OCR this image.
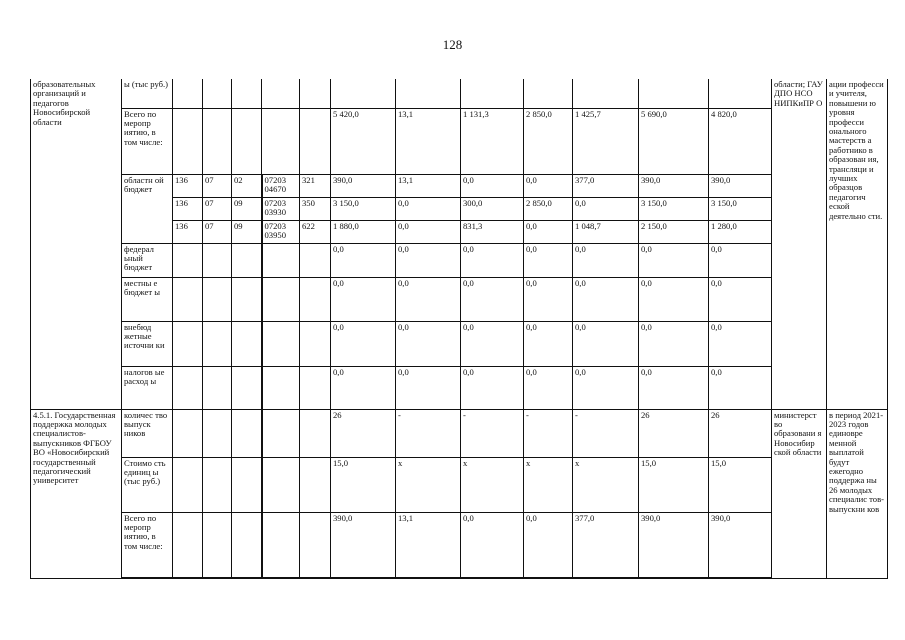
128
образовательных организаций и педагогов Новосибирской области	ы (тыс руб.)													области; ГАУ ДПО НСО НИПКиПР О	ации професси и учителя, повышени ю уровня професси онального мастерств а работнико в образован ия, трансляци и лучших образцов педагогич еской деятельно сти.
	Всего по меропр иятию, в том числе:						5 420,0	13,1	1 131,3	2 850,0	1 425,7	5 690,0	4 820,0		
	областн ой бюджет	136	07	02	07203 04670	321	390,0	13,1	0,0	0,0	377,0	390,0	390,0		
		136	07	09	07203 03930	350	3 150,0	0,0	300,0	2 850,0	0,0	3 150,0	3 150,0		
		136	07	09	07203 03950	622	1 880,0	0,0	831,3	0,0	1 048,7	2 150,0	1 280,0		
	федерал ьный бюджет						0,0	0,0	0,0	0,0	0,0	0,0	0,0		
	местны е бюджет ы						0,0	0,0	0,0	0,0	0,0	0,0	0,0		
	внебюд жетные источни ки						0,0	0,0	0,0	0,0	0,0	0,0	0,0		
	налогов ые расход ы						0,0	0,0	0,0	0,0	0,0	0,0	0,0		
4.5.1. Государственная поддержка молодых специалистов-выпускников ФГБОУ ВО «Новосибирский государственный педагогический университет	количес тво выпуск ников						26	-	-	-	-	26	26	министерст во образовани я Новосибир ской области	в период 2021-2023 годов единовре менной выплатой будут ежегодно поддержа ны 26 молодых специалис тов-выпускни ков
	Стоимо сть единиц ы (тыс руб.)						15,0	х	х	х	х	15,0	15,0		
	Всего по меропр иятию, в том числе:						390,0	13,1	0,0	0,0	377,0	390,0	390,0		
